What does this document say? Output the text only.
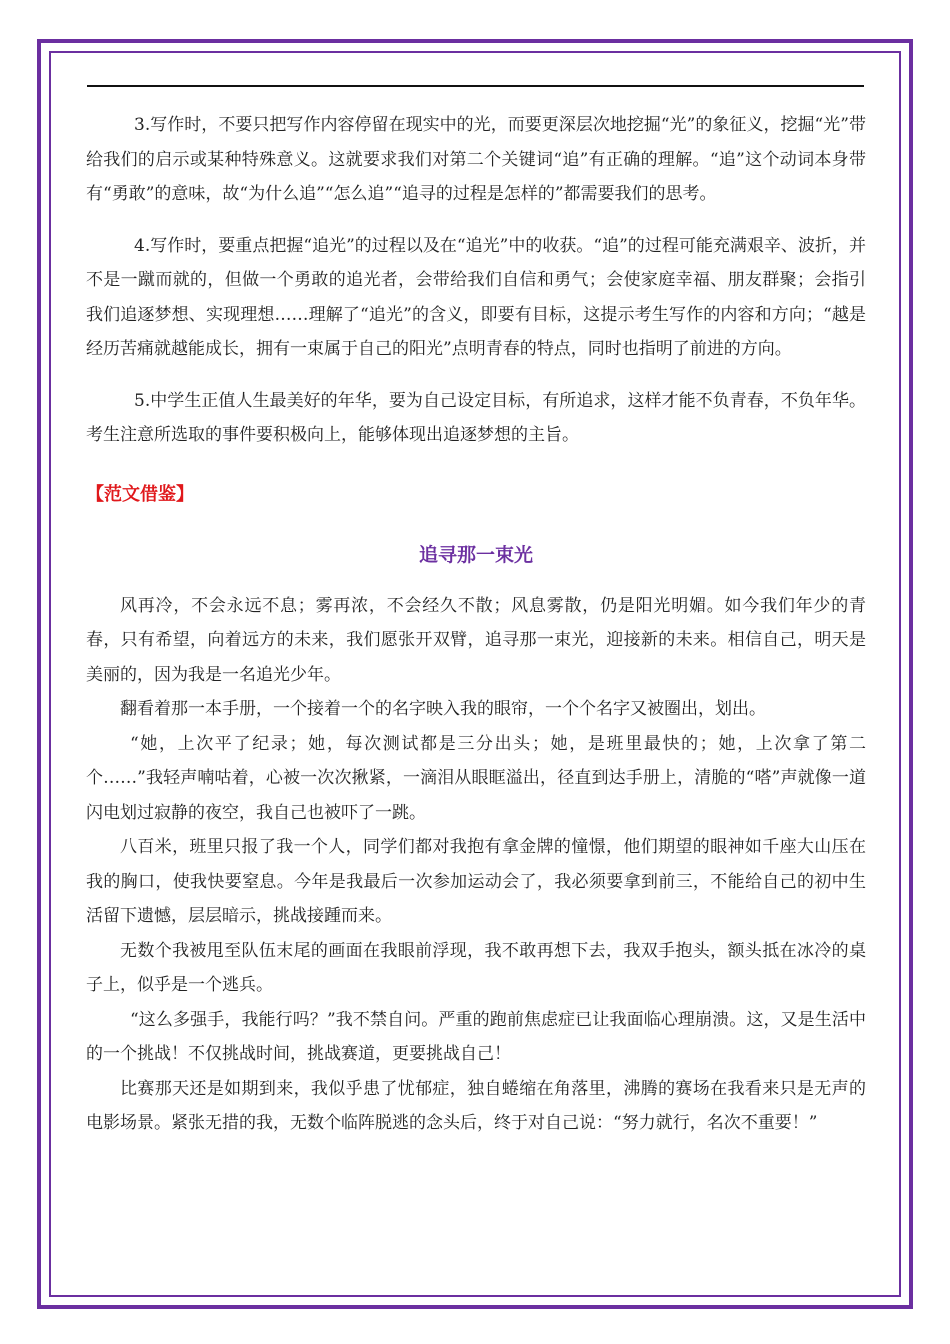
3.写作时，不要只把写作内容停留在现实中的光，而要更深层次地挖掘“光”的象征义，挖掘“光”带给我们的启示或某种特殊意义。这就要求我们对第二个关键词“追”有正确的理解。“追”这个动词本身带有“勇敢”的意味，故“为什么追”“怎么追”“追寻的过程是怎样的”都需要我们的思考。

4.写作时，要重点把握“追光”的过程以及在“追光”中的收获。“追”的过程可能充满艰辛、波折，并不是一蹴而就的，但做一个勇敢的追光者，会带给我们自信和勇气；会使家庭幸福、朋友群聚；会指引我们追逐梦想、实现理想……理解了“追光”的含义，即要有目标，这提示考生写作的内容和方向；“越是经历苦痛就越能成长，拥有一束属于自己的阳光”点明青春的特点，同时也指明了前进的方向。

5.中学生正值人生最美好的年华，要为自己设定目标，有所追求，这样才能不负青春，不负年华。考生注意所选取的事件要积极向上，能够体现出追逐梦想的主旨。

【范文借鉴】

追寻那一束光

风再冷，不会永远不息；雾再浓，不会经久不散；风息雾散，仍是阳光明媚。如今我们年少的青春，只有希望，向着远方的未来，我们愿张开双臂，追寻那一束光，迎接新的未来。相信自己，明天是美丽的，因为我是一名追光少年。

翻看着那一本手册，一个接着一个的名字映入我的眼帘，一个个名字又被圈出，划出。

“她，上次平了纪录；她，每次测试都是三分出头；她，是班里最快的；她，上次拿了第二个……”我轻声喃咕着，心被一次次揪紧，一滴泪从眼眶溢出，径直到达手册上，清脆的“嗒”声就像一道闪电划过寂静的夜空，我自己也被吓了一跳。

八百米，班里只报了我一个人，同学们都对我抱有拿金牌的憧憬，他们期望的眼神如千座大山压在我的胸口，使我快要窒息。今年是我最后一次参加运动会了，我必须要拿到前三，不能给自己的初中生活留下遗憾，层层暗示，挑战接踵而来。

无数个我被甩至队伍末尾的画面在我眼前浮现，我不敢再想下去，我双手抱头，额头抵在冰冷的桌子上，似乎是一个逃兵。

“这么多强手，我能行吗？”我不禁自问。严重的跑前焦虑症已让我面临心理崩溃。这，又是生活中的一个挑战！不仅挑战时间，挑战赛道，更要挑战自己！

比赛那天还是如期到来，我似乎患了忧郁症，独自蜷缩在角落里，沸腾的赛场在我看来只是无声的电影场景。紧张无措的我，无数个临阵脱逃的念头后，终于对自己说：“努力就行，名次不重要！”
